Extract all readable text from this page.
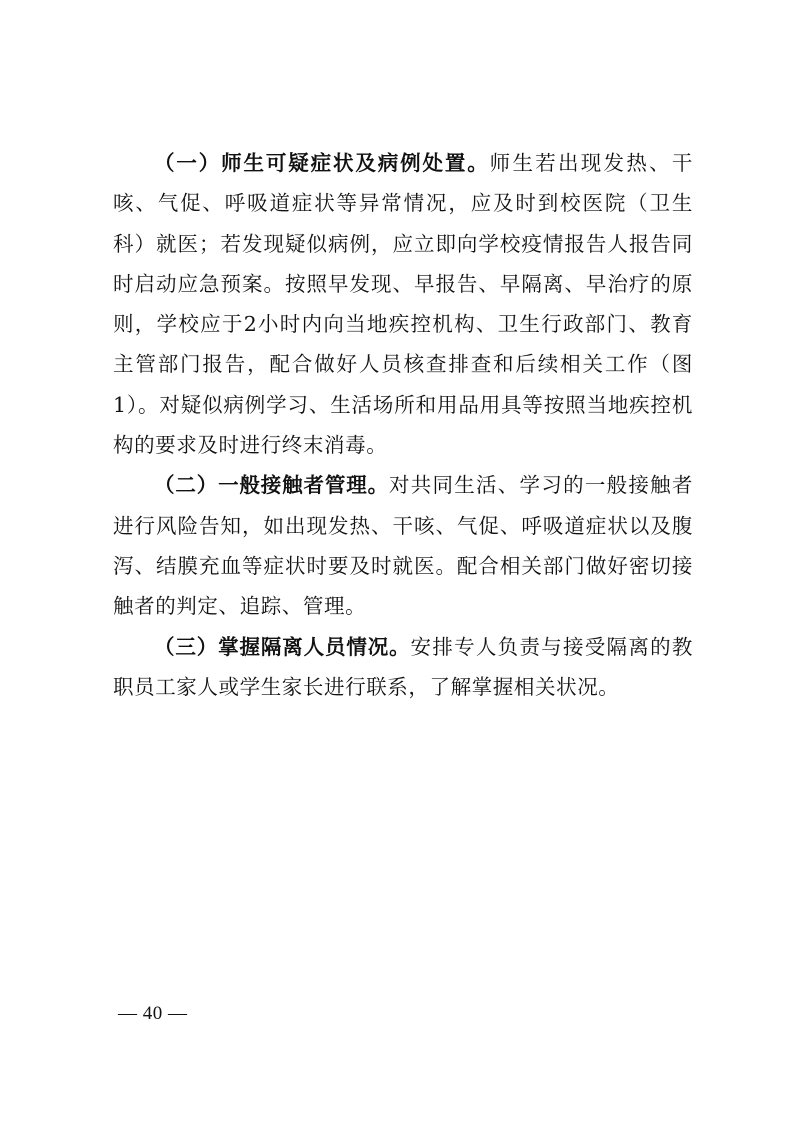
（一）师生可疑症状及病例处置。师生若出现发热、干咳、气促、呼吸道症状等异常情况，应及时到校医院（卫生科）就医；若发现疑似病例，应立即向学校疫情报告人报告同时启动应急预案。按照早发现、早报告、早隔离、早治疗的原则，学校应于2小时内向当地疾控机构、卫生行政部门、教育主管部门报告，配合做好人员核查排查和后续相关工作（图1）。对疑似病例学习、生活场所和用品用具等按照当地疾控机构的要求及时进行终末消毒。

（二）一般接触者管理。对共同生活、学习的一般接触者进行风险告知，如出现发热、干咳、气促、呼吸道症状以及腹泻、结膜充血等症状时要及时就医。配合相关部门做好密切接触者的判定、追踪、管理。

（三）掌握隔离人员情况。安排专人负责与接受隔离的教职员工家人或学生家长进行联系，了解掌握相关状况。

— 40 —
